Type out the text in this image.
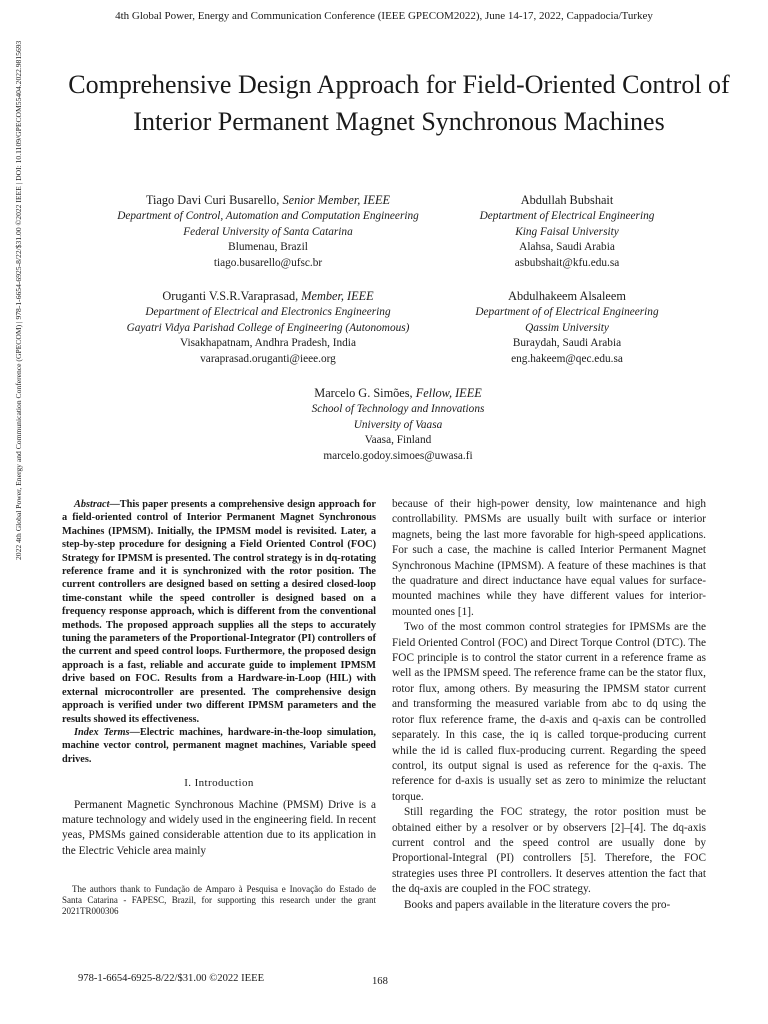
4th Global Power, Energy and Communication Conference (IEEE GPECOM2022), June 14-17, 2022, Cappadocia/Turkey
2022 4th Global Power, Energy and Communication Conference (GPECOM) | 978-1-6654-6925-8/22/$31.00 ©2022 IEEE | DOI: 10.1109/GPECOM55404.2022.9815693	Comprehensive Design Approach for Field-Oriented Control of Interior Permanent Magnet Synchronous Machines
Tiago Davi Curi Busarello, Senior Member, IEEE
Department of Control, Automation and Computation Engineering
Federal University of Santa Catarina
Blumenau, Brazil
tiago.busarello@ufsc.br
Abdullah Bubshait
Deptartment of Electrical Engineering
King Faisal University
Alahsa, Saudi Arabia
asbubshait@kfu.edu.sa
Oruganti V.S.R.Varaprasad, Member, IEEE
Department of Electrical and Electronics Engineering
Gayatri Vidya Parishad College of Engineering (Autonomous)
Visakhapatnam, Andhra Pradesh, India
varaprasad.oruganti@ieee.org
Abdulhakeem Alsaleem
Department of of Electrical Engineering
Qassim University
Buraydah, Saudi Arabia
eng.hakeem@qec.edu.sa
Marcelo G. Simões, Fellow, IEEE
School of Technology and Innovations
University of Vaasa
Vaasa, Finland
marcelo.godoy.simoes@uwasa.fi

Abstract—This paper presents a comprehensive design approach for a field-oriented control of Interior Permanent Magnet Synchronous Machines (IPMSM). Initially, the IPMSM model is revisited. Later, a step-by-step procedure for designing a Field Oriented Control (FOC) Strategy for IPMSM is presented. The control strategy is in dq-rotating reference frame and it is synchronized with the rotor position. The current controllers are designed based on setting a desired closed-loop time-constant while the speed controller is designed based on a frequency response approach, which is different from the conventional methods. The proposed approach supplies all the steps to accurately tuning the parameters of the Proportional-Integrator (PI) controllers of the current and speed control loops. Furthermore, the proposed design approach is a fast, reliable and accurate guide to implement IPMSM drive based on FOC. Results from a Hardware-in-Loop (HIL) with external microcontroller are presented. The comprehensive design approach is verified under two different IPMSM parameters and the results showed its effectiveness.

Index Terms—Electric machines, hardware-in-the-loop simulation, machine vector control, permanent magnet machines, Variable speed drives.

I. Introduction

Permanent Magnetic Synchronous Machine (PMSM) Drive is a mature technology and widely used in the engineering field. In recent yeas, PMSMs gained considerable attention due to its application in the Electric Vehicle area mainly

The authors thank to Fundação de Amparo à Pesquisa e Inovação do Estado de Santa Catarina - FAPESC, Brazil, for supporting this research under the grant 2021TR000306

because of their high-power density, low maintenance and high controllability. PMSMs are usually built with surface or interior magnets, being the last more favorable for high-speed applications. For such a case, the machine is called Interior Permanent Magnet Synchronous Machine (IPMSM). A feature of these machines is that the quadrature and direct inductance have equal values for surface-mounted machines while they have different values for interior-mounted ones [1].

Two of the most common control strategies for IPMSMs are the Field Oriented Control (FOC) and Direct Torque Control (DTC). The FOC principle is to control the stator current in a reference frame as well as the IPMSM speed. The reference frame can be the stator flux, rotor flux, among others. By measuring the IPMSM stator current and transforming the measured variable from abc to dq using the rotor flux reference frame, the d-axis and q-axis can be controlled separately. In this case, the iq is called torque-producing current while the id is called flux-producing current. Regarding the speed control, its output signal is used as reference for the q-axis. The reference for d-axis is usually set as zero to minimize the reluctant torque.

Still regarding the FOC strategy, the rotor position must be obtained either by a resolver or by observers [2]–[4]. The dq-axis current control and the speed control are usually done by Proportional-Integral (PI) controllers [5]. Therefore, the FOC strategies uses three PI controllers. It deserves attention the fact that the dq-axis are coupled in the FOC strategy.

Books and papers available in the literature covers the pro-

978-1-6654-6925-8/22/$31.00 ©2022 IEEE	168
